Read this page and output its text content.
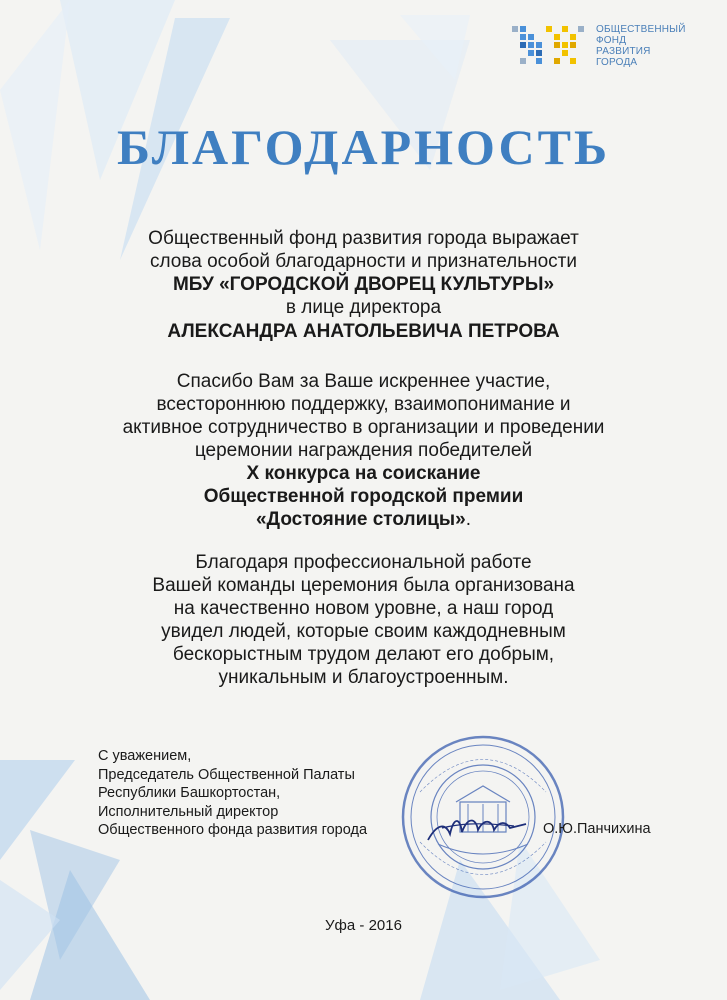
ОБЩЕСТВЕННЫЙ
ФОНД
РАЗВИТИЯ
ГОРОДА
БЛАГОДАРНОСТЬ
Общественный фонд развития города выражает
слова особой благодарности и признательности
МБУ «ГОРОДСКОЙ ДВОРЕЦ КУЛЬТУРЫ»
в лице директора
АЛЕКСАНДРА АНАТОЛЬЕВИЧА ПЕТРОВА
Спасибо Вам за Ваше искреннее участие,
всестороннюю поддержку, взаимопонимание и
активное сотрудничество в организации и проведении
церемонии награждения победителей
X конкурса на соискание
Общественной городской премии
«Достояние столицы».
Благодаря профессиональной работе
Вашей команды церемония была организована
на качественно новом уровне, а наш город
увидел людей, которые своим каждодневным
бескорыстным трудом делают его добрым,
уникальным и благоустроенным.
С уважением,
Председатель Общественной Палаты
Республики Башкортостан,
Исполнительный директор
Общественного фонда развития города	О.Ю.Панчихина
Уфа - 2016
